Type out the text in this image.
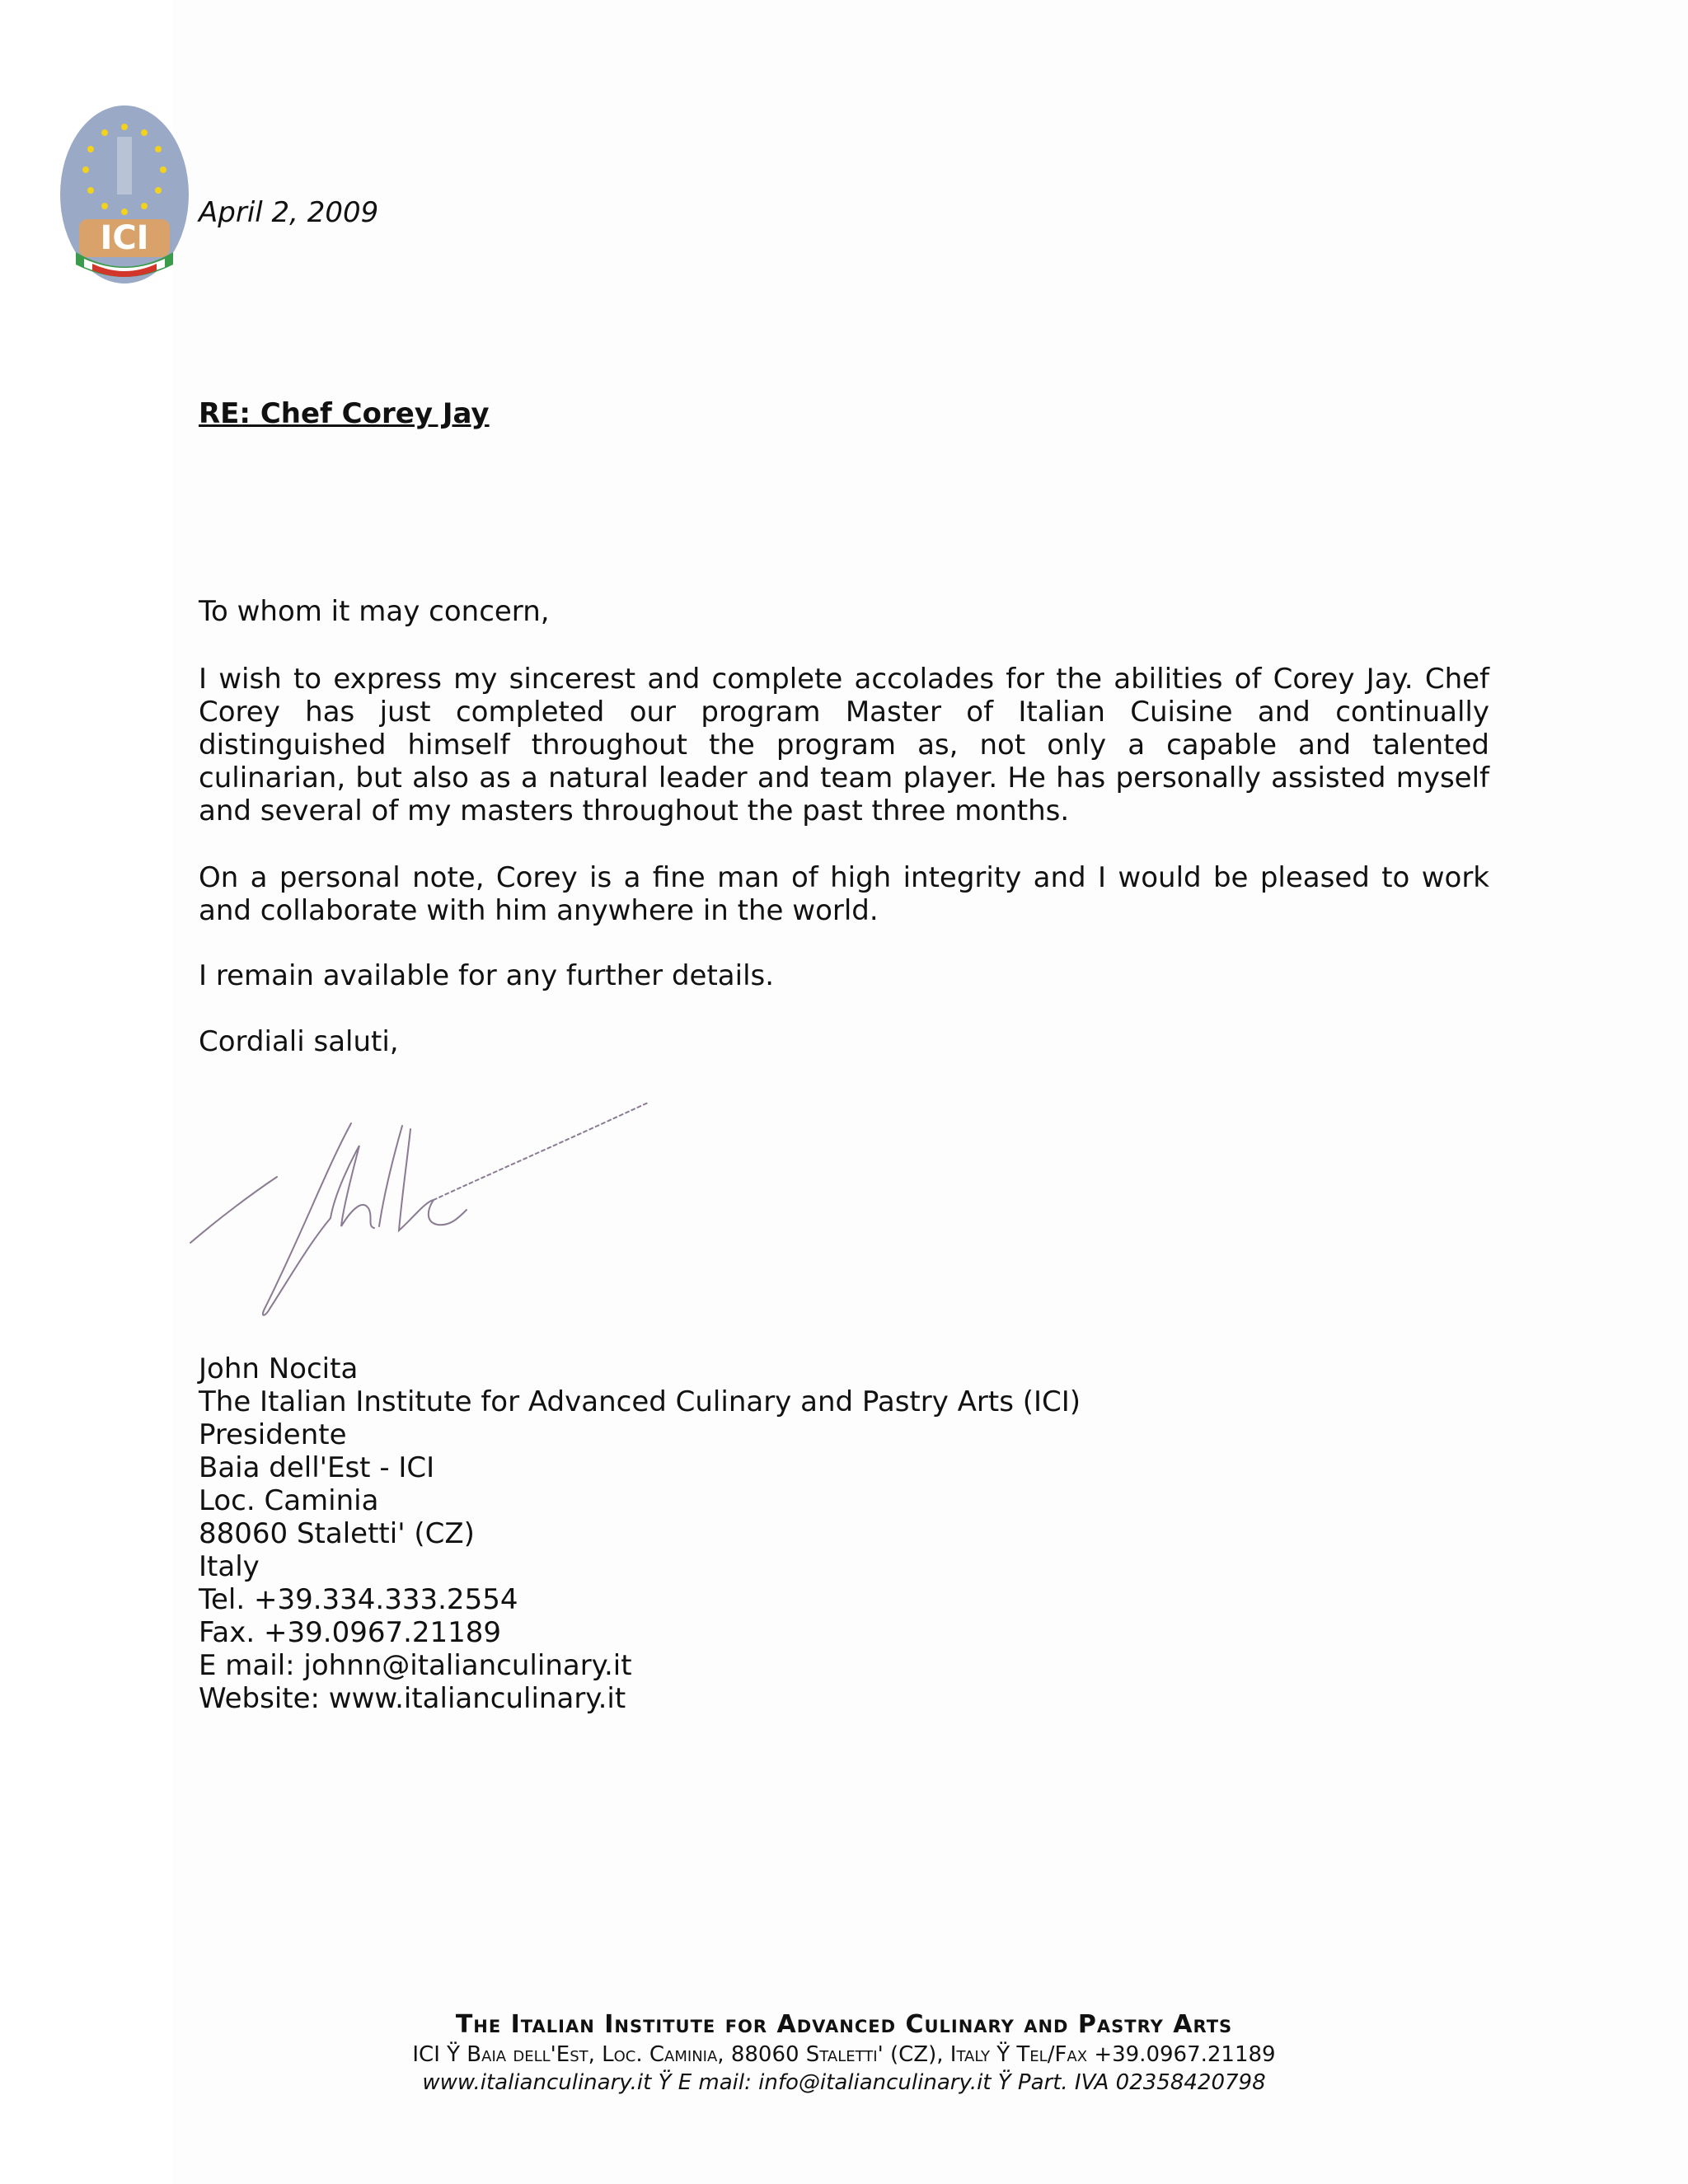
ICI
April 2, 2009
RE: Chef Corey Jay
To whom it may concern,

I wish to express my sincerest and complete accolades for the abilities of Corey Jay. Chef Corey has just completed our program Master of Italian Cuisine and continually distinguished himself throughout the program as, not only a capable and talented culinarian, but also as a natural leader and team player. He has personally assisted myself and several of my masters throughout the past three months.

On a personal note, Corey is a fine man of high integrity and I would be pleased to work and collaborate with him anywhere in the world.

I remain available for any further details.

Cordiali saluti,
John Nocita
The Italian Institute for Advanced Culinary and Pastry Arts (ICI)
Presidente
Baia dell'Est - ICI
Loc. Caminia
88060 Staletti' (CZ)
Italy
Tel. +39.334.333.2554
Fax. +39.0967.21189
E mail: johnn@italianculinary.it
Website: www.italianculinary.it
The Italian Institute for Advanced Culinary and Pastry Arts
ICI Ÿ Baia dell'Est, Loc. Caminia, 88060 Staletti' (CZ), Italy Ÿ Tel/Fax +39.0967.21189
www.italianculinary.it Ÿ E mail: info@italianculinary.it Ÿ Part. IVA 02358420798
